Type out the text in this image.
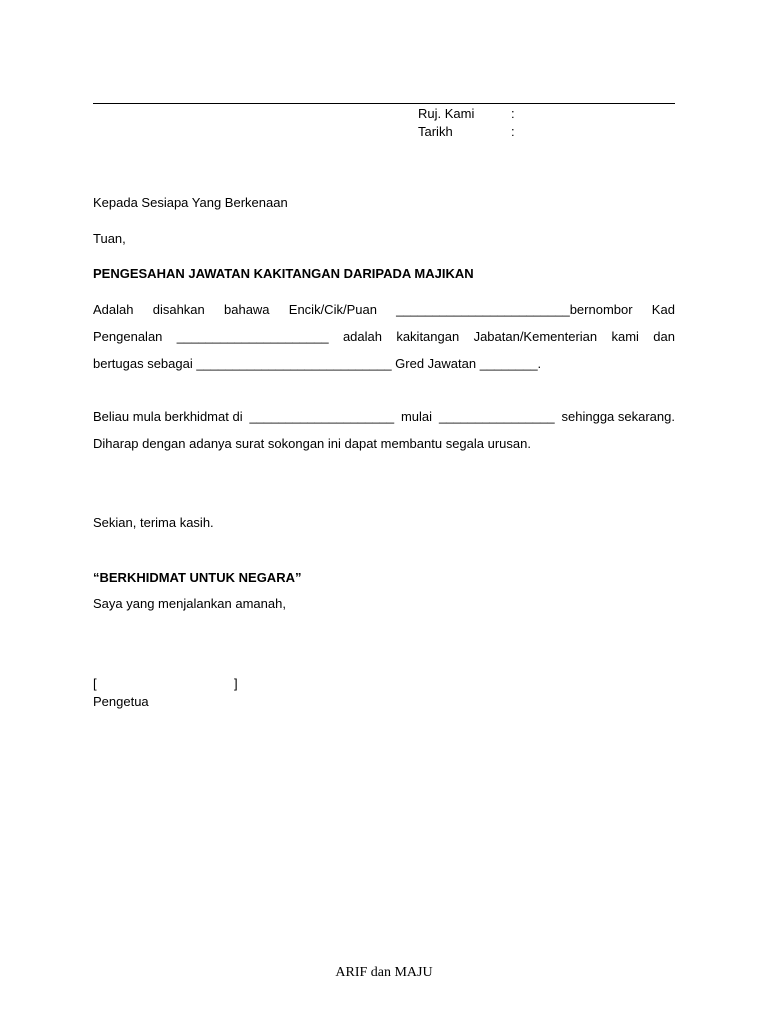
Ruj. Kami	:
Tarikh	:
Kepada Sesiapa Yang Berkenaan
Tuan,
PENGESAHAN JAWATAN KAKITANGAN DARIPADA MAJIKAN
Adalah disahkan bahawa Encik/Cik/Puan ________________________bernombor Kad
Pengenalan _____________________ adalah kakitangan Jabatan/Kementerian kami dan
bertugas sebagai ___________________________ Gred Jawatan ________.
Beliau mula berkhidmat di ____________________ mulai ________________ sehingga sekarang.
Diharap dengan adanya surat sokongan ini dapat membantu segala urusan.
Sekian, terima kasih.
“BERKHIDMAT UNTUK NEGARA”
Saya yang menjalankan amanah,
[	]
Pengetua
ARIF dan MAJU
